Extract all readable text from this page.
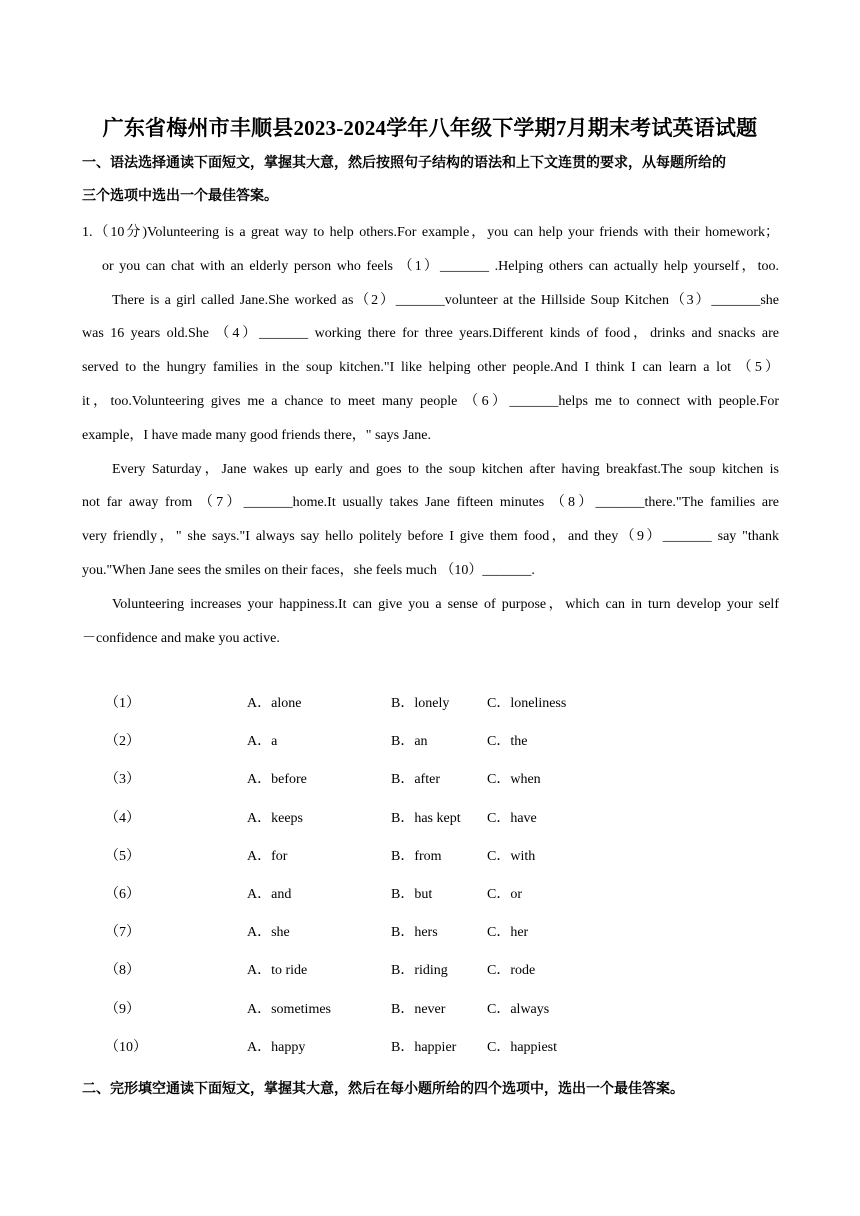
广东省梅州市丰顺县2023-2024学年八年级下学期7月期末考试英语试题
一、语法选择通读下面短文，掌握其大意，然后按照句子结构的语法和上下文连贯的要求，从每题所给的
三个选项中选出一个最佳答案。
1.（10分)Volunteering is a great way to help others.For example，you can help your friends with their homework；
or you can chat with an elderly person who feels （1）_______ .Helping others can actually help yourself，too.
There is a girl called Jane.She worked as（2）_______volunteer at the Hillside Soup Kitchen（3）_______she
was 16 years old.She （4）_______ working there for three years.Different kinds of food，drinks and snacks are
served to the hungry families in the soup kitchen."I like helping other people.And I think I can learn a lot （5）
it，too.Volunteering gives me a chance to meet many people （6）_______helps me to connect with people.For
example，I have made many good friends there，" says Jane.
Every Saturday，Jane wakes up early and goes to the soup kitchen after having breakfast.The soup kitchen is
not far away from （7）_______home.It usually takes Jane fifteen minutes （8）_______there."The families are
very friendly，" she says."I always say hello politely before I give them food，and they（9）_______ say "thank
you."When Jane sees the smiles on their faces，she feels much （10）_______.
Volunteering increases your happiness.It can give you a sense of purpose，which can in turn develop your self
－confidence and make you active.
（1）	A．alone	B．lonely	C．loneliness
（2）	A．a	B．an	C．the
（3）	A．before	B．after	C．when
（4）	A．keeps	B．has kept C．have
（5）	A．for	B．from	C．with
（6）	A．and	B．but	C．or
（7）	A．she	B．hers	C．her
（8）	A．to ride	B．riding	C．rode
（9）	A．sometimes	B．never	C．always
（10）	A．happy	B．happier C．happiest
二、完形填空通读下面短文，掌握其大意，然后在每小题所给的四个选项中，选出一个最佳答案。
